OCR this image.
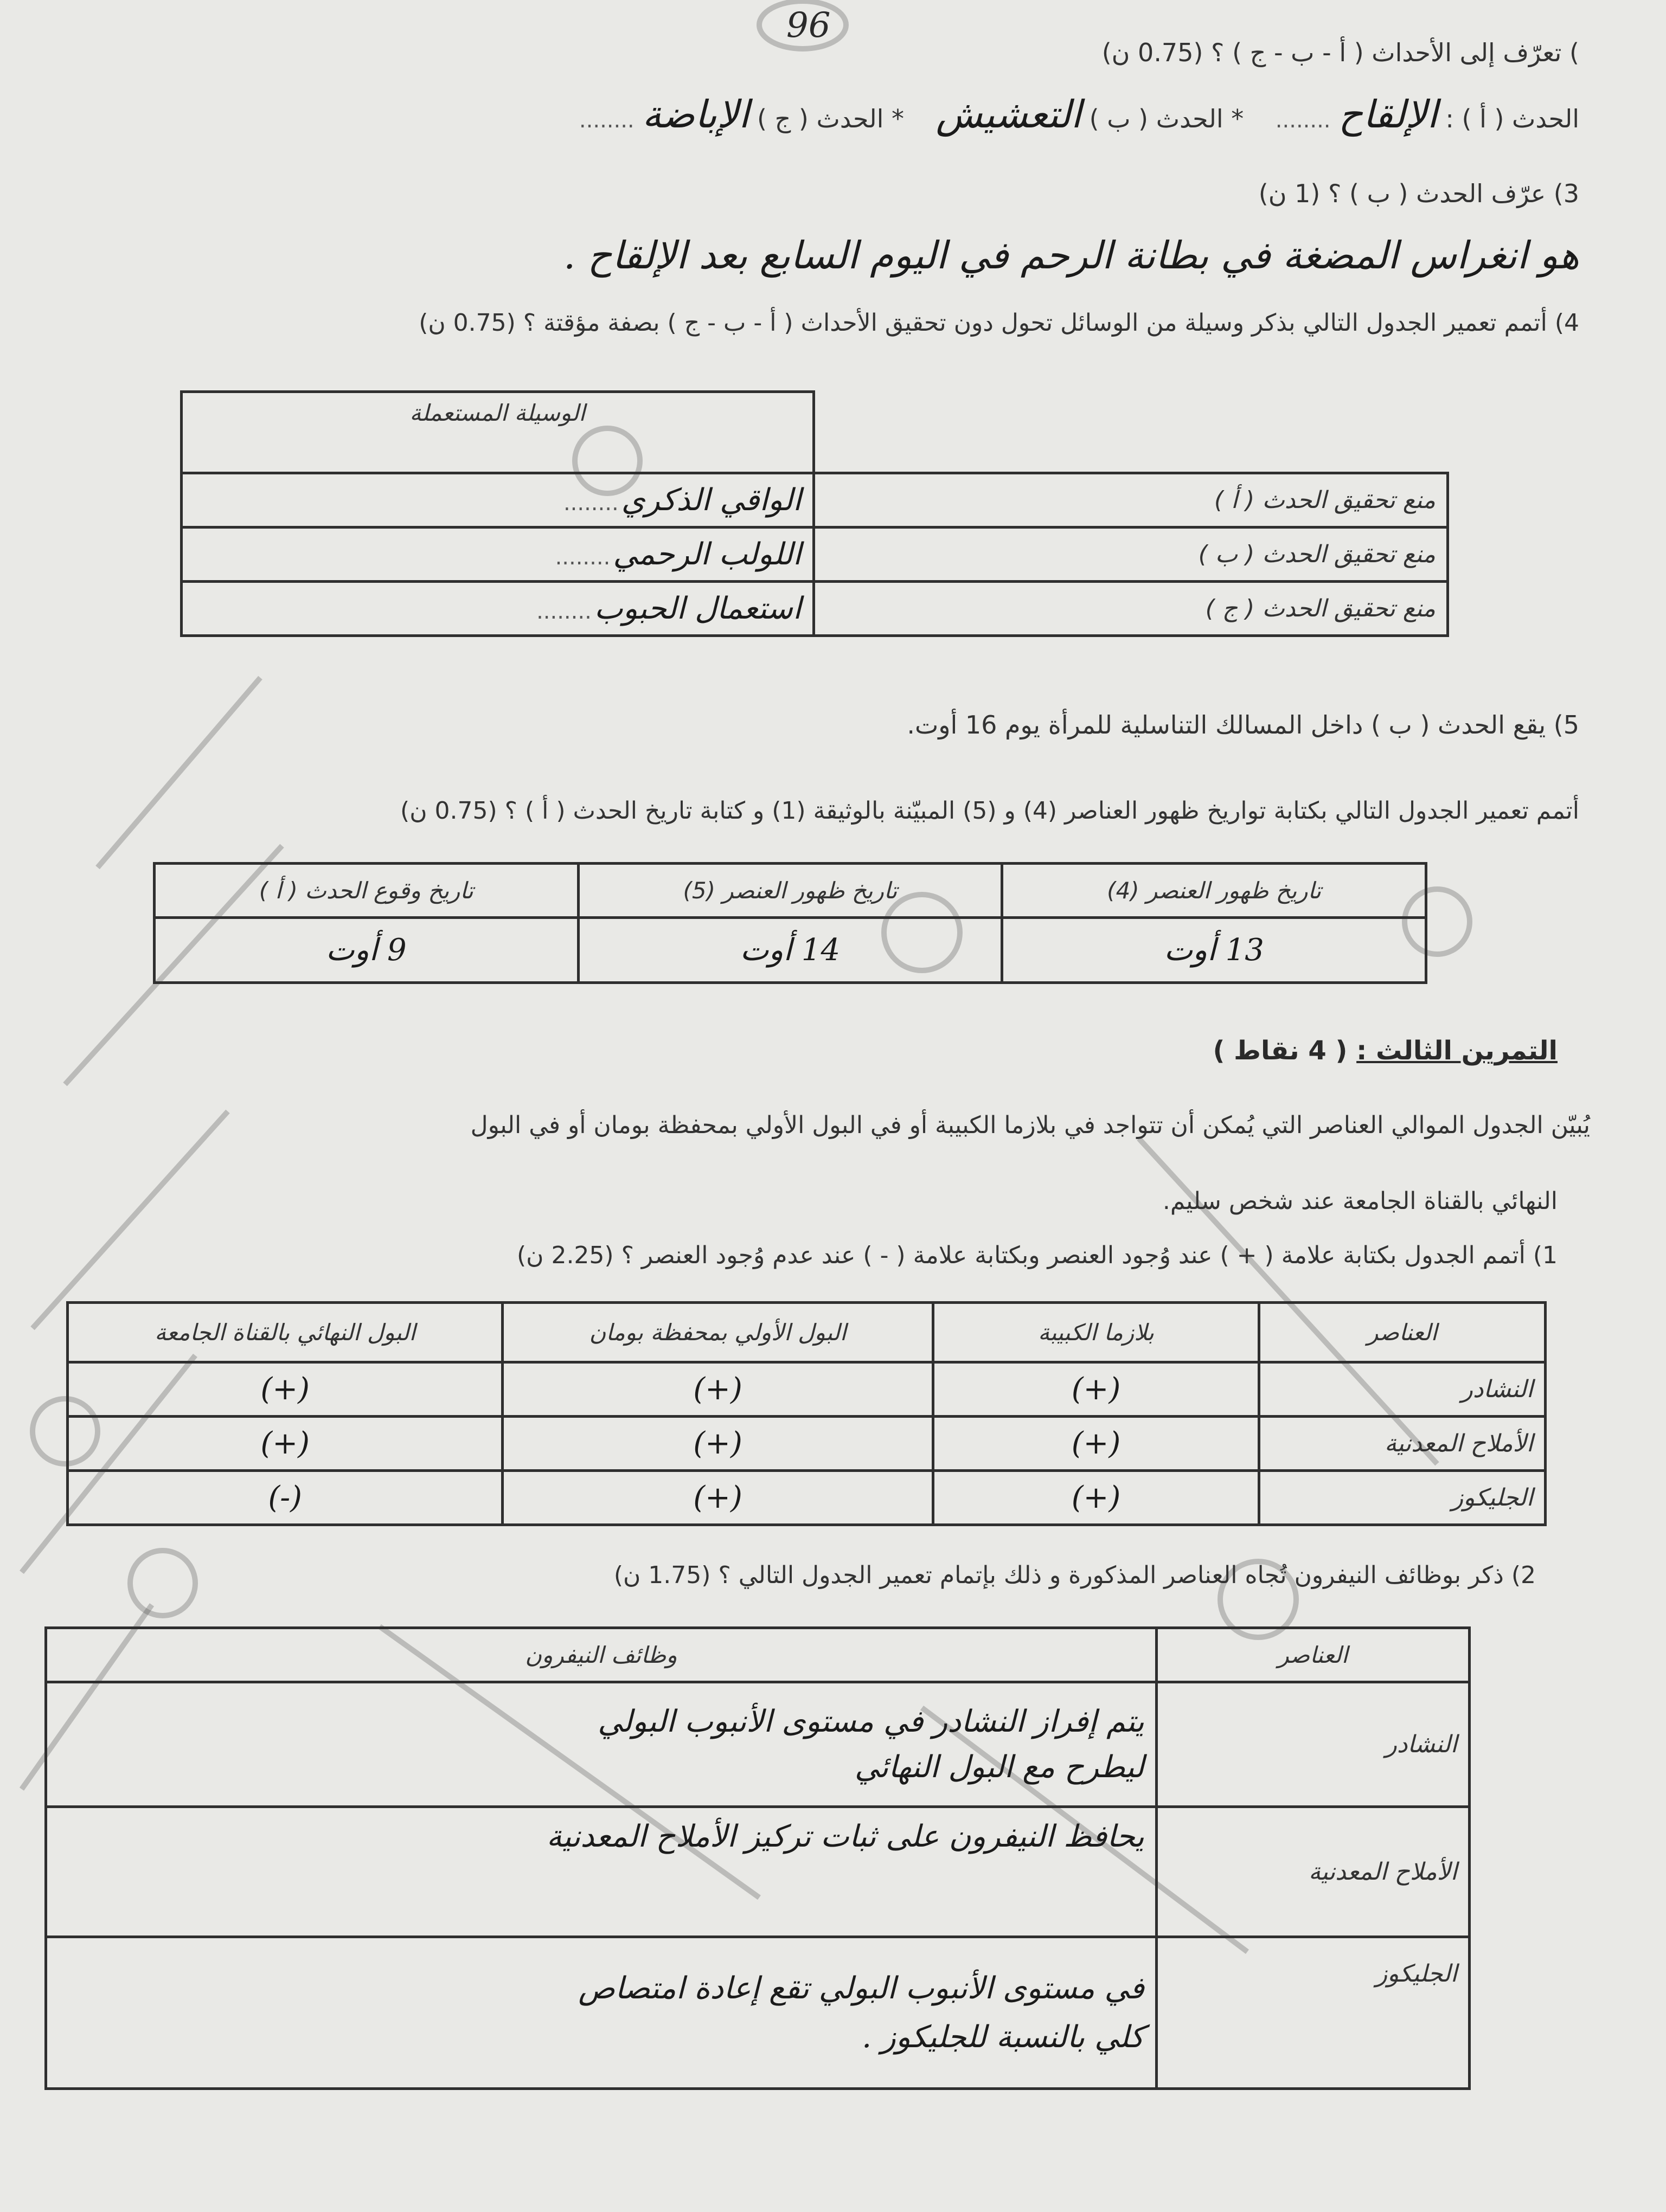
​
96
) تعرّف إلى الأحداث ( أ - ب - ج ) ؟ (0.75 ن)
الحدث ( أ ) : الإلقاح ........    * الحدث ( ب ) التعشيش    * الحدث ( ج ) الإباضة ........
3) عرّف الحدث ( ب ) ؟ (1 ن)
هو انغراس المضغة في بطانة الرحم في اليوم السابع بعد الإلقاح .
4) أتمم تعمير الجدول التالي بذكر وسيلة من الوسائل تحول دون تحقيق الأحداث ( أ - ب - ج ) بصفة مؤقتة ؟ (0.75 ن)
	الوسيلة المستعملة
منع تحقيق الحدث ( أ )	الواقي الذكري ........
منع تحقيق الحدث ( ب )	اللولب الرحمي ........
منع تحقيق الحدث ( ج )	استعمال الحبوب ........
5) يقع الحدث ( ب ) داخل المسالك التناسلية للمرأة يوم 16 أوت.
أتمم تعمير الجدول التالي بكتابة تواريخ ظهور العناصر (4) و (5) المبيّنة بالوثيقة (1) و كتابة تاريخ الحدث ( أ ) ؟ (0.75 ن)
تاريخ ظهور العنصر (4)	تاريخ ظهور العنصر (5)	تاريخ وقوع الحدث ( أ )
13 أوت	14 أوت	9 أوت
التمرين الثالث : ( 4 نقاط )
يُبيّن الجدول الموالي العناصر التي يُمكن أن تتواجد في بلازما الكبيبة أو في البول الأولي بمحفظة بومان أو في البول
النهائي بالقناة الجامعة عند شخص سليم.
1) أتمم الجدول بكتابة علامة ( + ) عند وُجود العنصر وبكتابة علامة ( - ) عند عدم وُجود العنصر ؟ (2.25 ن)
العناصر	بلازما الكبيبة	البول الأولي بمحفظة بومان	البول النهائي بالقناة الجامعة
النشادر	(+)	(+)	(+)
الأملاح المعدنية	(+)	(+)	(+)
الجليكوز	(+)	(+)	(-)
2) ذكر بوظائف النيفرون تُجاه العناصر المذكورة و ذلك بإتمام تعمير الجدول التالي ؟ (1.75 ن)
العناصر	وظائف النيفرون
النشادر	يتم إفراز النشادر في مستوى الأنبوب البولي
ليطرح مع البول النهائي

الأملاح المعدنية	يحافظ النيفرون على ثبات تركيز الأملاح المعدنية

الجليكوز	في مستوى الأنبوب البولي تقع إعادة امتصاص
كلي بالنسبة للجليكوز .
